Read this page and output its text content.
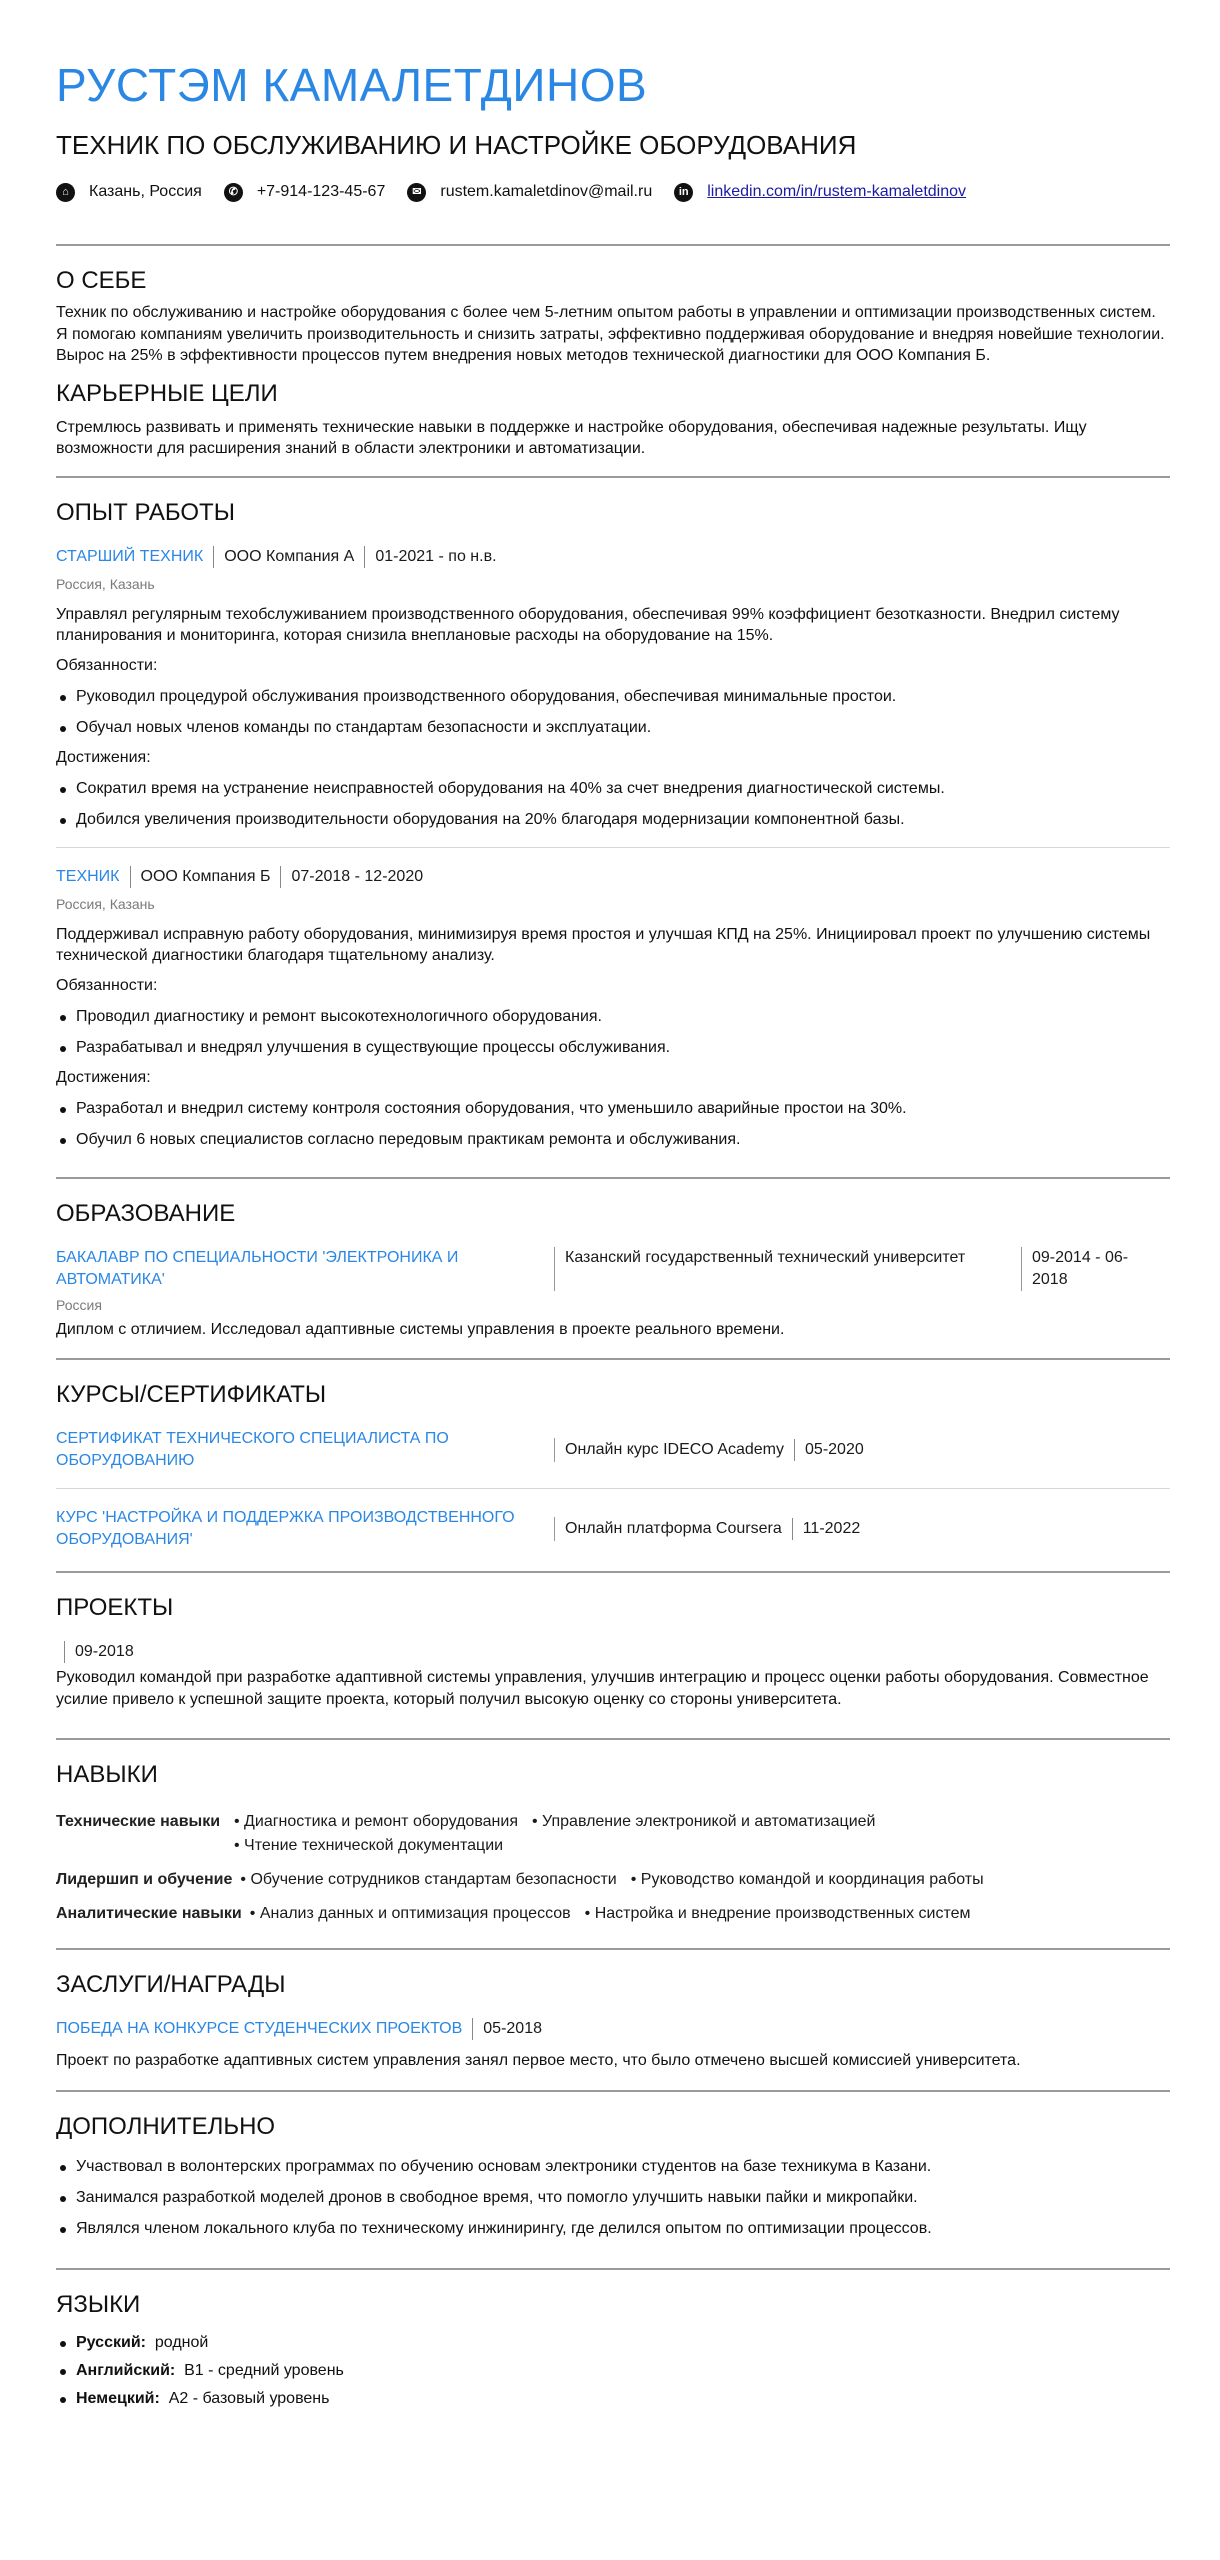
РУСТЭМ КАМАЛЕТДИНОВ
ТЕХНИК ПО ОБСЛУЖИВАНИЮ И НАСТРОЙКЕ ОБОРУДОВАНИЯ
⌂	Казань, Россия	✆	+7-914-123-45-67	✉	rustem.kamaletdinov@mail.ru	in linkedin.com/in/rustem-kamaletdinov
О СЕБЕ

Техник по обслуживанию и настройке оборудования с более чем 5-летним опытом работы в управлении и оптимизации производственных систем. Я помогаю компаниям увеличить производительность и снизить затраты, эффективно поддерживая оборудование и внедряя новейшие технологии. Вырос на 25% в эффективности процессов путем внедрения новых методов технической диагностики для ООО Компания Б.

КАРЬЕРНЫЕ ЦЕЛИ

Стремлюсь развивать и применять технические навыки в поддержке и настройке оборудования, обеспечивая надежные результаты. Ищу возможности для расширения знаний в области электроники и автоматизации.

ОПЫТ РАБОТЫ
СТАРШИЙ ТЕХНИК ООО Компания А 01-2021 - по н.в.
Россия, Казань

Управлял регулярным техобслуживанием производственного оборудования, обеспечивая 99% коэффициент безотказности. Внедрил систему планирования и мониторинга, которая снизила внеплановые расходы на оборудование на 15%.

Обязанности:
Руководил процедурой обслуживания производственного оборудования, обеспечивая минимальные простои.
Обучал новых членов команды по стандартам безопасности и эксплуатации.
Достижения:
Сократил время на устранение неисправностей оборудования на 40% за счет внедрения диагностической системы.
Добился увеличения производительности оборудования на 20% благодаря модернизации компонентной базы.
ТЕХНИК ООО Компания Б 07-2018 - 12-2020
Россия, Казань

Поддерживал исправную работу оборудования, минимизируя время простоя и улучшая КПД на 25%. Инициировал проект по улучшению системы технической диагностики благодаря тщательному анализу.

Обязанности:
Проводил диагностику и ремонт высокотехнологичного оборудования.
Разрабатывал и внедрял улучшения в существующие процессы обслуживания.
Достижения:
Разработал и внедрил систему контроля состояния оборудования, что уменьшило аварийные простои на 30%.
Обучил 6 новых специалистов согласно передовым практикам ремонта и обслуживания.
ОБРАЗОВАНИЕ
БАКАЛАВР ПО СПЕЦИАЛЬНОСТИ 'ЭЛЕКТРОНИКА И АВТОМАТИКА'
Казанский государственный технический университет	09-2014 - 06-2018
Россия

Диплом с отличием. Исследовал адаптивные системы управления в проекте реального времени.

КУРСЫ/СЕРТИФИКАТЫ
СЕРТИФИКАТ ТЕХНИЧЕСКОГО СПЕЦИАЛИСТА ПО ОБОРУДОВАНИЮ
Онлайн курс IDECO Academy 05-2020
КУРС 'НАСТРОЙКА И ПОДДЕРЖКА ПРОИЗВОДСТВЕННОГО ОБОРУДОВАНИЯ'
Онлайн платформа Coursera 11-2022
ПРОЕКТЫ
09-2018

Руководил командой при разработке адаптивной системы управления, улучшив интеграцию и процесс оценки работы оборудования. Совместное усилие привело к успешной защите проекта, который получил высокую оценку со стороны университета.

НАВЫКИ
Технические навыки	• Диагностика и ремонт оборудования	• Управление электроникой и автоматизацией
• Чтение технической документации
Лидершип и обучение	• Обучение сотрудников стандартам безопасности	• Руководство командой и координация работы
Аналитические навыки	• Анализ данных и оптимизация процессов	• Настройка и внедрение производственных систем
ЗАСЛУГИ/НАГРАДЫ
ПОБЕДА НА КОНКУРСЕ СТУДЕНЧЕСКИХ ПРОЕКТОВ 05-2018

Проект по разработке адаптивных систем управления занял первое место, что было отмечено высшей комиссией университета.

ДОПОЛНИТЕЛЬНО
Участвовал в волонтерских программах по обучению основам электроники студентов на базе техникума в Казани.
Занимался разработкой моделей дронов в свободное время, что помогло улучшить навыки пайки и микропайки.
Являлся членом локального клуба по техническому инжинирингу, где делился опытом по оптимизации процессов.
ЯЗЫКИ
Русский: родной
Английский: B1 - средний уровень
Немецкий: A2 - базовый уровень
